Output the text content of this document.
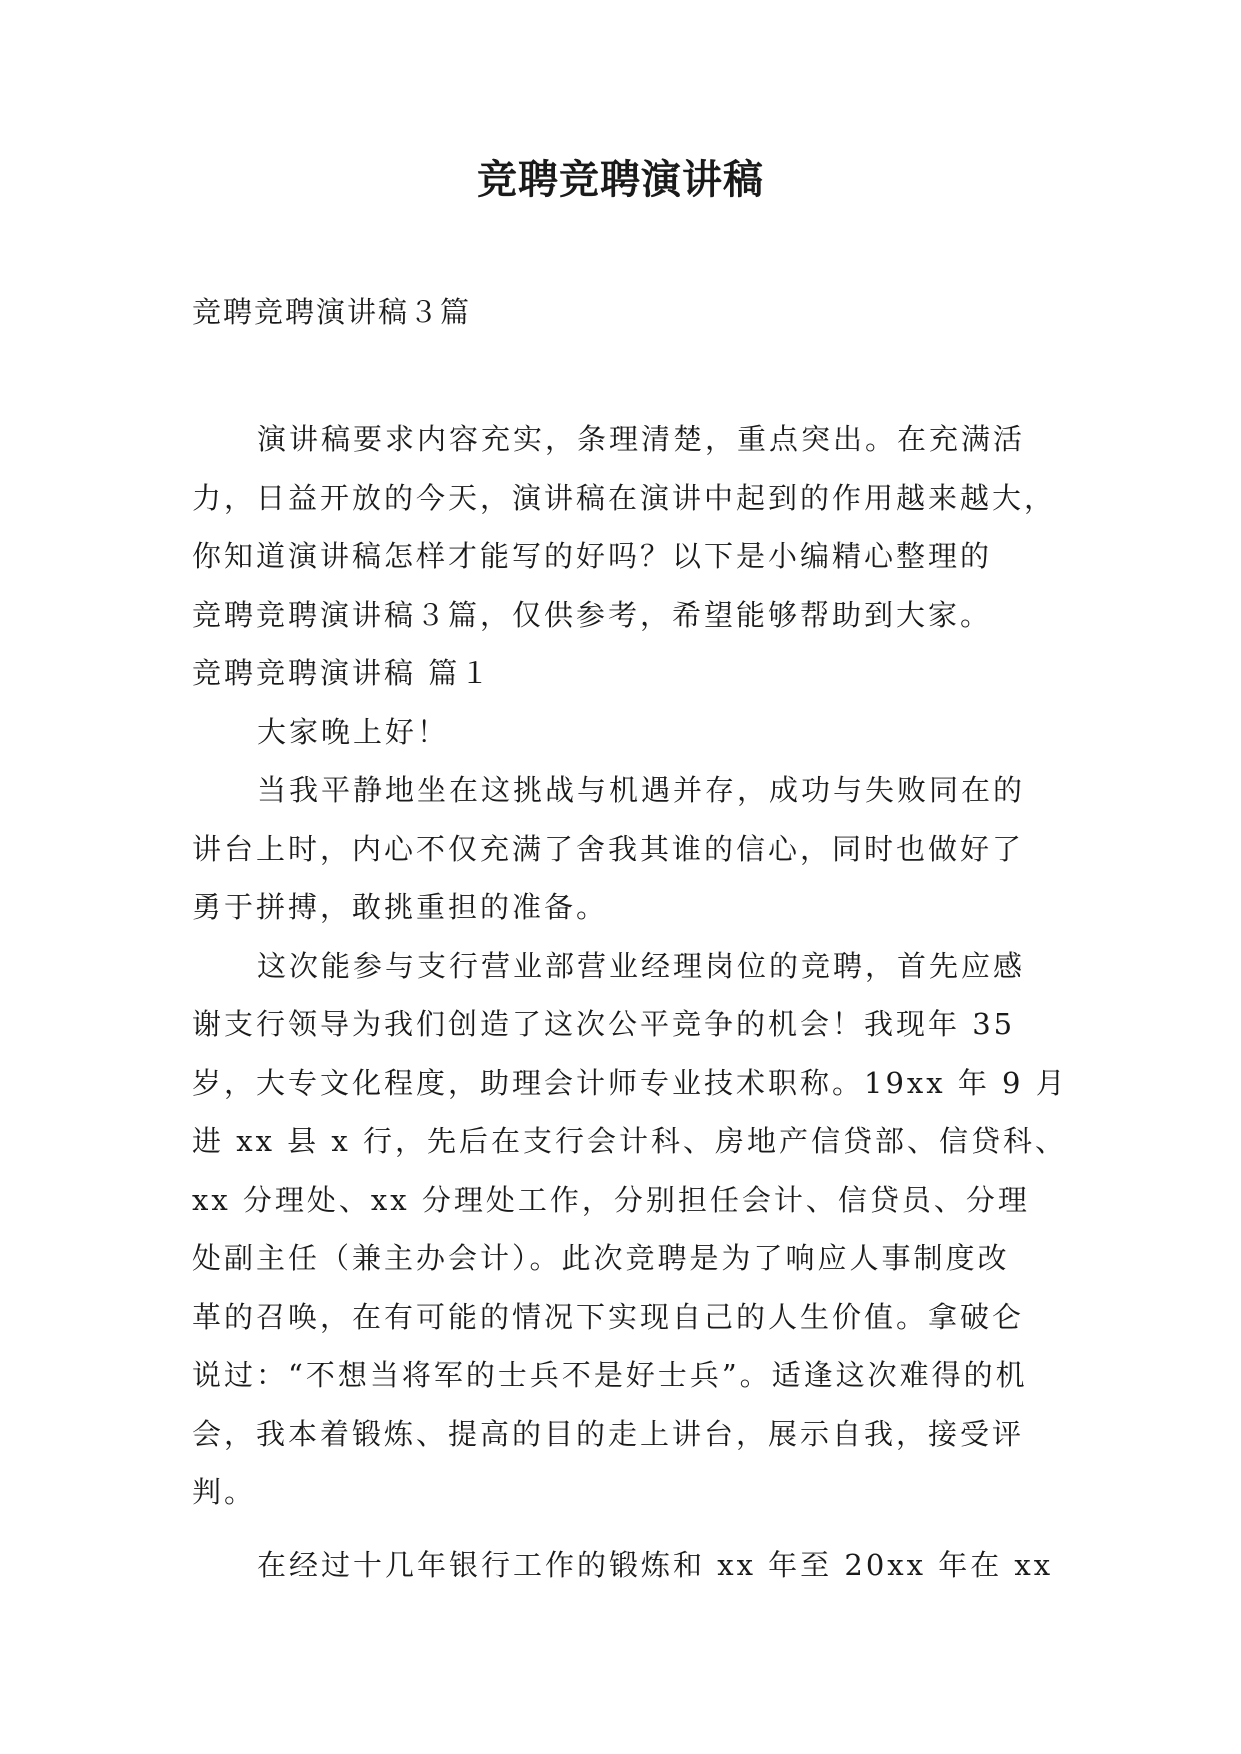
竞聘竞聘演讲稿
竞聘竞聘演讲稿３篇
演讲稿要求内容充实，条理清楚，重点突出。在充满活
力，日益开放的今天，演讲稿在演讲中起到的作用越来越大，
你知道演讲稿怎样才能写的好吗？以下是小编精心整理的
竞聘竞聘演讲稿３篇，仅供参考，希望能够帮助到大家。
竞聘竞聘演讲稿 篇１
大家晚上好！
当我平静地坐在这挑战与机遇并存，成功与失败同在的
讲台上时，内心不仅充满了舍我其谁的信心，同时也做好了
勇于拼搏，敢挑重担的准备。
这次能参与支行营业部营业经理岗位的竞聘，首先应感
谢支行领导为我们创造了这次公平竞争的机会！我现年 35
岁，大专文化程度，助理会计师专业技术职称。19xx 年 9 月
进 xx 县 x 行，先后在支行会计科、房地产信贷部、信贷科、
xx 分理处、xx 分理处工作，分别担任会计、信贷员、分理
处副主任（兼主办会计）。此次竞聘是为了响应人事制度改
革的召唤，在有可能的情况下实现自己的人生价值。拿破仑
说过：“不想当将军的士兵不是好士兵”。适逢这次难得的机
会，我本着锻炼、提高的目的走上讲台，展示自我，接受评
判。
在经过十几年银行工作的锻炼和 xx 年至 20xx 年在 xx
